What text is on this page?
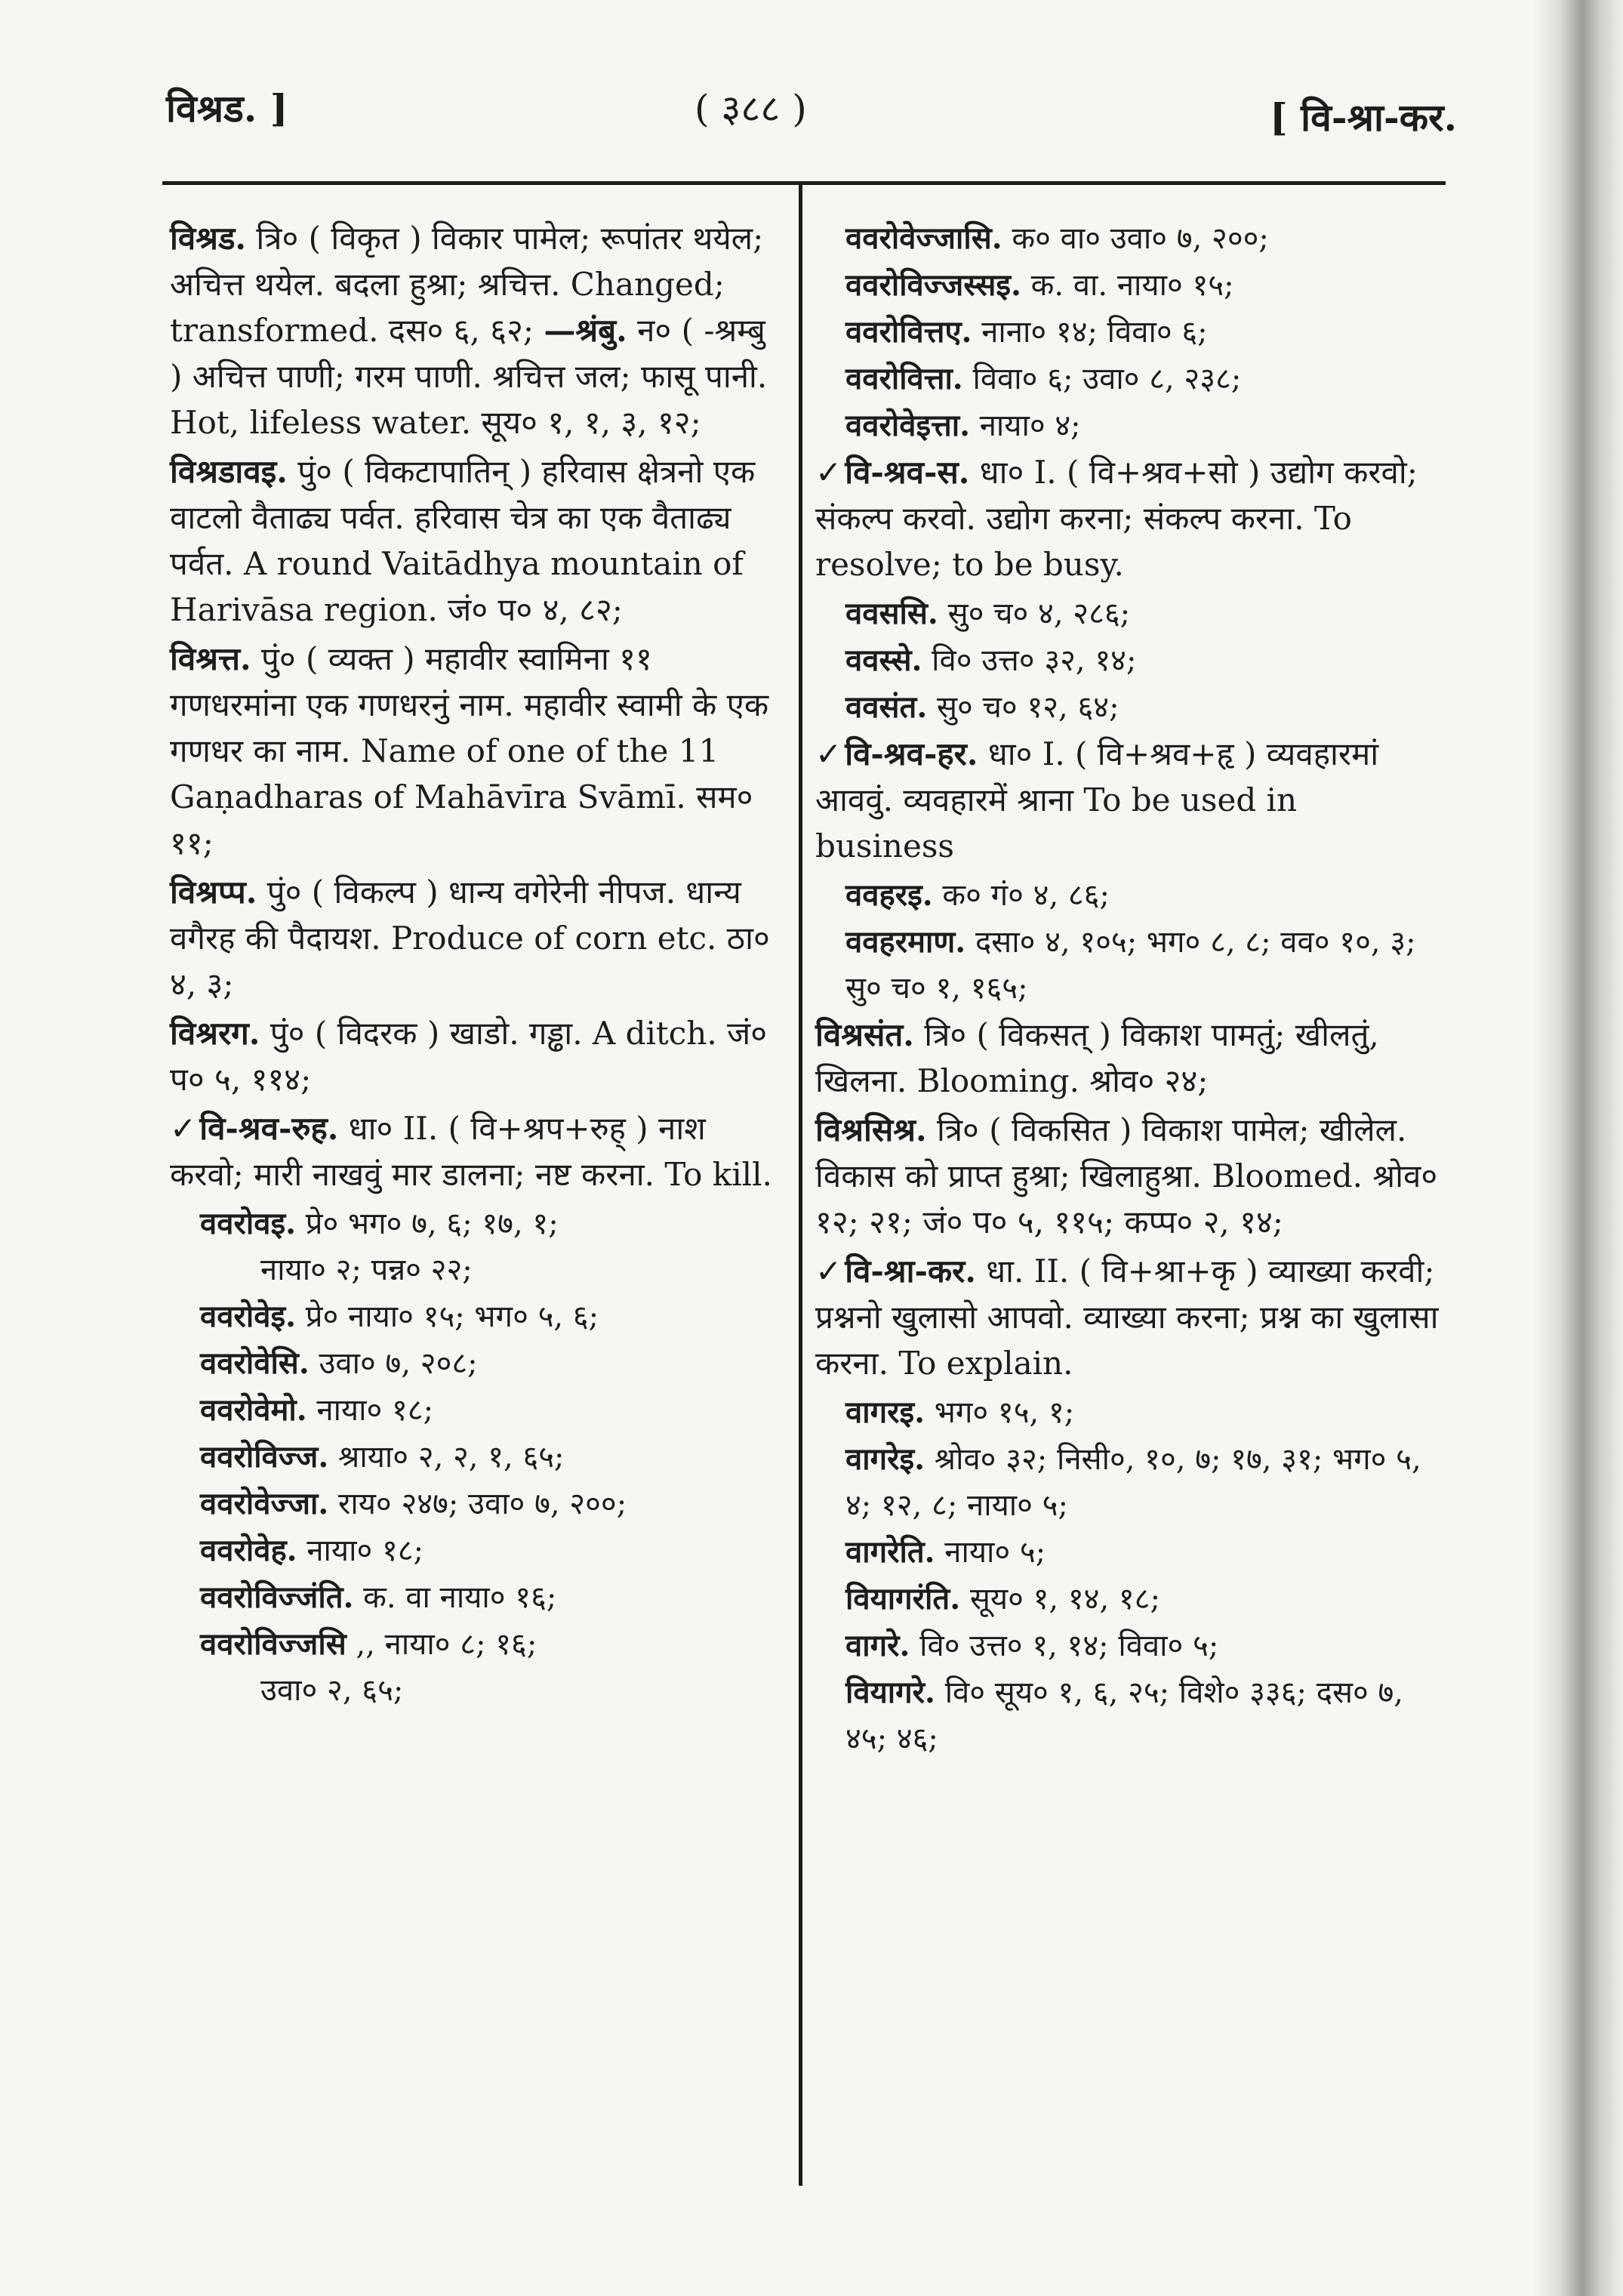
विश्रड. ]	( ३८८ )	[ वि-श्रा-कर.

विश्रड. त्रि० ( विकृत ) विकार पामेल; रूपांतर थयेल; अचित्त थयेल. बदला हुश्रा; श्रचित्त. Changed; transformed. दस० ६, ६२; —श्रंबु. न० ( -श्रम्बु ) अचित्त पाणी; गरम पाणी. श्रचित्त जल; फासू पानी. Hot, lifeless water. सूय० १, १, ३, १२;

विश्रडावइ. पुं० ( विकटापातिन् ) हरिवास क्षेत्रनो एक वाटलो वैताढ्य पर्वत. हरिवास चेत्र का एक वैताढ्य पर्वत. A round Vaitādhya mountain of Harivāsa region. जं० प० ४, ८२;

विश्रत्त. पुं० ( व्यक्त ) महावीर स्वामिना ११ गणधरमांना एक गणधरनुं नाम. महावीर स्वामी के एक गणधर का नाम. Name of one of the 11 Gaṇadharas of Mahāvīra Svāmī. सम० ११;

विश्रप्प. पुं० ( विकल्प ) धान्य वगेरेनी नीपज. धान्य वगैरह की पैदायश. Produce of corn etc. ठा० ४, ३;

विश्ररग. पुं० ( विदरक ) खाडो. गड्ढा. A ditch. जं० प० ५, ११४;

✓वि-श्रव-रुह. धा० II. ( वि+श्रप+रुह् ) नाश करवो; मारी नाखवुं मार डालना; नष्ट करना. To kill.

ववरोवइ. प्रे० भग० ७, ६; १७, १;
नाया० २; पन्न० २२;
ववरोवेइ. प्रे० नाया० १५; भग० ५, ६;
ववरोवेसि. उवा० ७, २०८;
ववरोवेमो. नाया० १८;
ववरोविज्ज. श्राया० २, २, १, ६५;
ववरोवेज्जा. राय० २४७; उवा० ७, २००;
ववरोवेह. नाया० १८;
ववरोविज्जंति. क. वा नाया० १६;
ववरोविज्जसि ,, नाया० ८; १६;
उवा० २, ६५;
ववरोवेज्जासि. क० वा० उवा० ७, २००;
ववरोविज्जस्सइ. क. वा. नाया० १५;
ववरोवित्तए. नाना० १४; विवा० ६;
ववरोवित्ता. विवा० ६; उवा० ८, २३८;
ववरोवेइत्ता. नाया० ४;

✓वि-श्रव-स. धा० I. ( वि+श्रव+सो ) उद्योग करवो; संकल्प करवो. उद्योग करना; संकल्प करना. To resolve; to be busy.

ववससि. सु० च० ४, २८६;
ववस्से. वि० उत्त० ३२, १४;
ववसंत. सु० च० १२, ६४;

✓वि-श्रव-हर. धा० I. ( वि+श्रव+हृ ) व्यवहारमां आववुं. व्यवहारमें श्राना To be used in business

ववहरइ. क० गं० ४, ८६;
ववहरमाण. दसा० ४, १०५; भग० ८, ८; वव० १०, ३; सु० च० १, १६५;

विश्रसंत. त्रि० ( विकसत् ) विकाश पामतुं; खीलतुं, खिलना. Blooming. श्रोव० २४;

विश्रसिश्र. त्रि० ( विकसित ) विकाश पामेल; खीलेल. विकास को प्राप्त हुश्रा; खिलाहुश्रा. Bloomed. श्रोव० १२; २१; जं० प० ५, ११५; कप्प० २, १४;

✓वि-श्रा-कर. धा. II. ( वि+श्रा+कृ ) व्याख्या करवी; प्रश्ननो खुलासो आपवो. व्याख्या करना; प्रश्न का खुलासा करना. To explain.

वागरइ. भग० १५, १;
वागरेइ. श्रोव० ३२; निसी०, १०, ७; १७, ३१; भग० ५, ४; १२, ८; नाया० ५;
वागरेति. नाया० ५;
वियागरंति. सूय० १, १४, १८;
वागरे. वि० उत्त० १, १४; विवा० ५;
वियागरे. वि० सूय० १, ६, २५; विशे० ३३६; दस० ७, ४५; ४६;
